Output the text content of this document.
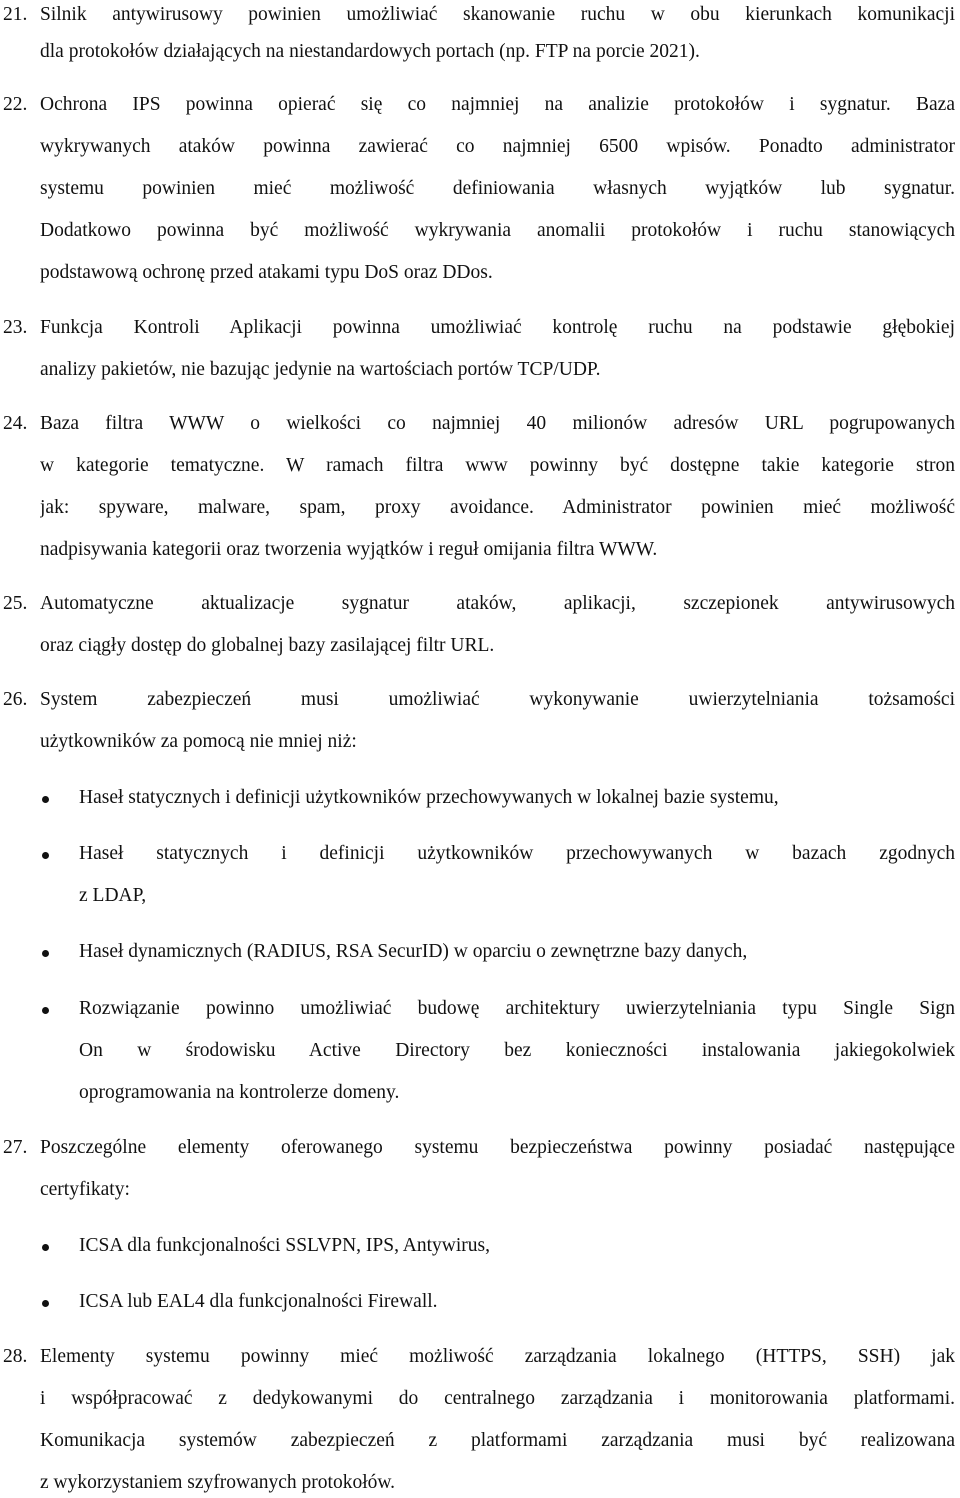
21. Silnik antywirusowy powinien umożliwiać skanowanie ruchu w obu kierunkach komunikacji
dla protokołów działających na niestandardowych portach (np. FTP na porcie 2021).
22. Ochrona IPS powinna opierać się co najmniej na analizie protokołów i sygnatur. Baza
wykrywanych ataków powinna zawierać co najmniej 6500 wpisów. Ponadto administrator
systemu powinien mieć możliwość definiowania własnych wyjątków lub sygnatur.
Dodatkowo powinna być możliwość wykrywania anomalii protokołów i ruchu stanowiących
podstawową ochronę przed atakami typu DoS oraz DDos.
23. Funkcja Kontroli Aplikacji powinna umożliwiać kontrolę ruchu na podstawie głębokiej
analizy pakietów, nie bazując jedynie na wartościach portów TCP/UDP.
24. Baza filtra WWW o wielkości co najmniej 40 milionów adresów URL pogrupowanych
w kategorie tematyczne. W ramach filtra www powinny być dostępne takie kategorie stron
jak: spyware, malware, spam, proxy avoidance. Administrator powinien mieć możliwość
nadpisywania kategorii oraz tworzenia wyjątków i reguł omijania filtra WWW.
25. Automatyczne aktualizacje sygnatur ataków, aplikacji, szczepionek antywirusowych
oraz ciągły dostęp do globalnej bazy zasilającej filtr URL.
26. System zabezpieczeń musi umożliwiać wykonywanie uwierzytelniania tożsamości
użytkowników za pomocą nie mniej niż:
Haseł statycznych i definicji użytkowników przechowywanych w lokalnej bazie systemu,
Haseł statycznych i definicji użytkowników przechowywanych w bazach zgodnych
z LDAP,
Haseł dynamicznych (RADIUS, RSA SecurID) w oparciu o zewnętrzne bazy danych,
Rozwiązanie powinno umożliwiać budowę architektury uwierzytelniania typu Single Sign
On w środowisku Active Directory bez konieczności instalowania jakiegokolwiek
oprogramowania na kontrolerze domeny.
27. Poszczególne elementy oferowanego systemu bezpieczeństwa powinny posiadać następujące
certyfikaty:
ICSA dla funkcjonalności SSLVPN, IPS, Antywirus,
ICSA lub EAL4 dla funkcjonalności Firewall.
28. Elementy systemu powinny mieć możliwość zarządzania lokalnego (HTTPS, SSH) jak
i współpracować z dedykowanymi do centralnego zarządzania i monitorowania platformami.
Komunikacja systemów zabezpieczeń z platformami zarządzania musi być realizowana
z wykorzystaniem szyfrowanych protokołów.
